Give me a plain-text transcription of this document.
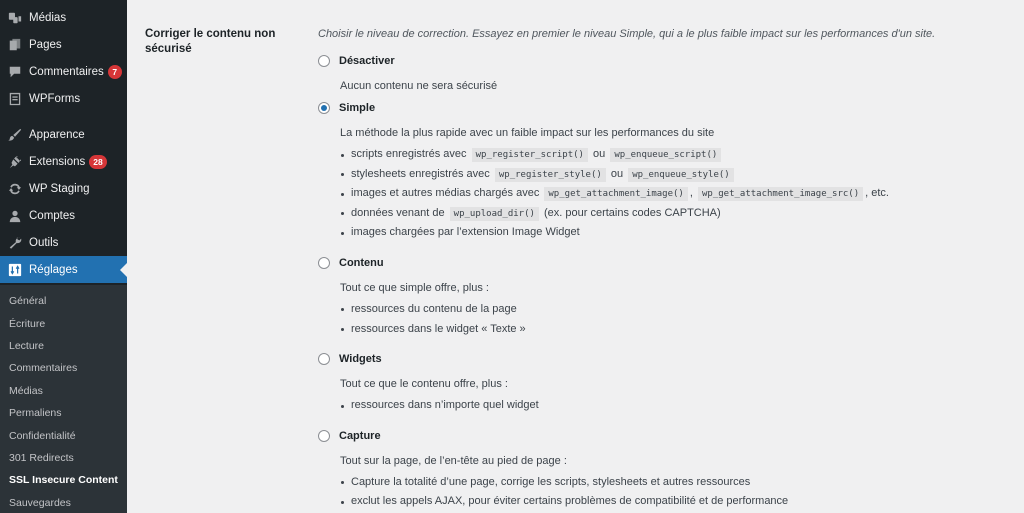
Médias
Pages
Commentaires	7
WPForms
Apparence
Extensions 28
WP Staging
Comptes
Outils
Réglages
Général
Écriture
Lecture
Commentaires
Médias
Permaliens
Confidentialité
301 Redirects
SSL Insecure Content
Sauvegardes
Corriger le contenu non sécurisé
Choisir le niveau de correction. Essayez en premier le niveau Simple, qui a le plus faible impact sur les performances d'un site.
Désactiver
Aucun contenu ne sera sécurisé
Simple
La méthode la plus rapide avec un faible impact sur les performances du site
scripts enregistrés avec wp_register_script() ou wp_enqueue_script()
stylesheets enregistrés avec wp_register_style() ou wp_enqueue_style()
images et autres médias chargés avec wp_get_attachment_image() , wp_get_attachment_image_src() , etc.
données venant de wp_upload_dir() (ex. pour certains codes CAPTCHA)
images chargées par l’extension Image Widget
Contenu
Tout ce que simple offre, plus :
ressources du contenu de la page
ressources dans le widget « Texte »
Widgets
Tout ce que le contenu offre, plus :
ressources dans n’importe quel widget
Capture
Tout sur la page, de l’en-tête au pied de page :
Capture la totalité d’une page, corrige les scripts, stylesheets et autres ressources
exclut les appels AJAX, pour éviter certains problèmes de compatibilité et de performance
